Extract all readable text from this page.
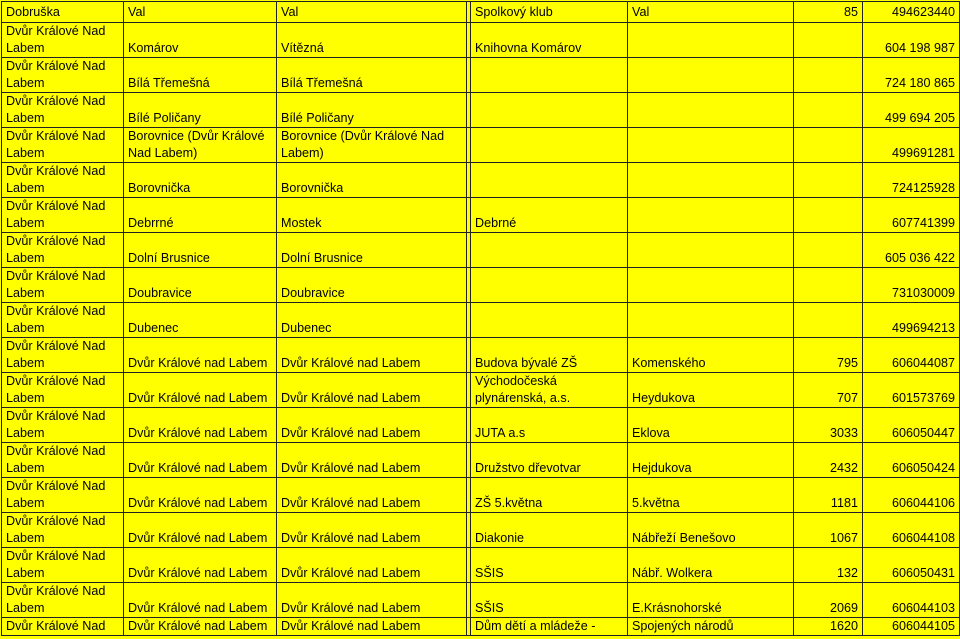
Dobruška	Val	Val		Spolkový klub	Val	85	494623440
Dvůr Králové Nad Labem	Komárov	Vítězná		Knihovna Komárov			604 198 987
Dvůr Králové Nad Labem	Bílá Třemešná	Bílá Třemešná					724 180 865
Dvůr Králové Nad Labem	Bílé Poličany	Bílé Poličany					499 694 205
Dvůr Králové Nad Labem	Borovnice (Dvůr Králové Nad Labem)	Borovnice (Dvůr Králové Nad Labem)					499691281
Dvůr Králové Nad Labem	Borovnička	Borovnička					724125928
Dvůr Králové Nad Labem	Debrrné	Mostek		Debrné			607741399
Dvůr Králové Nad Labem	Dolní Brusnice	Dolní Brusnice					605 036 422
Dvůr Králové Nad Labem	Doubravice	Doubravice					731030009
Dvůr Králové Nad Labem	Dubenec	Dubenec					499694213
Dvůr Králové Nad Labem	Dvůr Králové nad Labem	Dvůr Králové nad Labem		Budova bývalé ZŠ	Komenského	795	606044087
Dvůr Králové Nad Labem	Dvůr Králové nad Labem	Dvůr Králové nad Labem		Východočeská plynárenská, a.s.	Heydukova	707	601573769
Dvůr Králové Nad Labem	Dvůr Králové nad Labem	Dvůr Králové nad Labem		JUTA a.s	Eklova	3033	606050447
Dvůr Králové Nad Labem	Dvůr Králové nad Labem	Dvůr Králové nad Labem		Družstvo dřevotvar	Hejdukova	2432	606050424
Dvůr Králové Nad Labem	Dvůr Králové nad Labem	Dvůr Králové nad Labem		ZŠ 5.května	5.května	1181	606044106
Dvůr Králové Nad Labem	Dvůr Králové nad Labem	Dvůr Králové nad Labem		Diakonie	Nábřeží Benešovo	1067	606044108
Dvůr Králové Nad Labem	Dvůr Králové nad Labem	Dvůr Králové nad Labem		SŠIS	Nábř. Wolkera	132	606050431
Dvůr Králové Nad Labem	Dvůr Králové nad Labem	Dvůr Králové nad Labem		SŠIS	E.Krásnohorské	2069	606044103
Dvůr Králové Nad	Dvůr Králové nad Labem	Dvůr Králové nad Labem		Dům dětí a mládeže -	Spojených národů	1620	606044105
